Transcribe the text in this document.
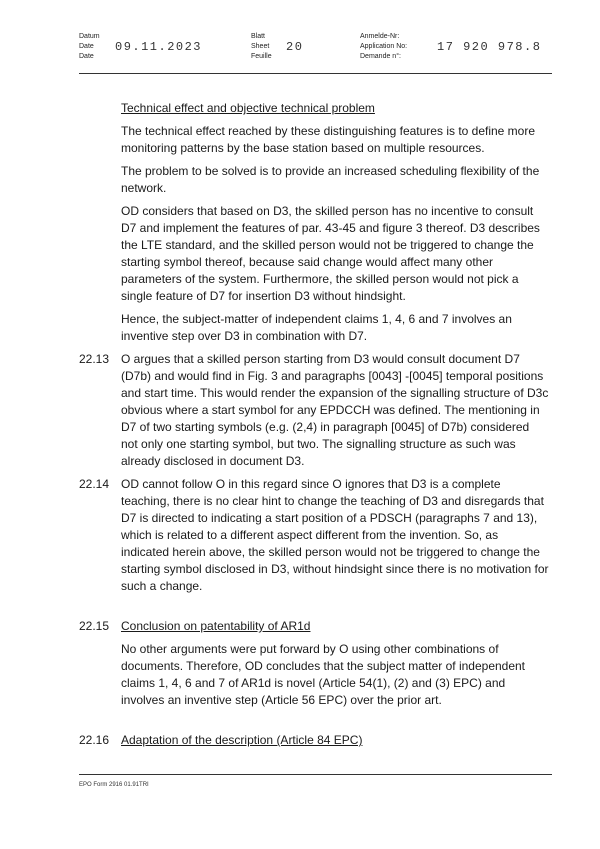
Datum
Date
Date
09.11.2023
Blatt
Sheet
Feuille
20
Anmelde-Nr:
Application No:
Demande n°:
17 920 978.8

Technical effect and objective technical problem

The technical effect reached by these distinguishing features is to define more monitoring patterns by the base station based on multiple resources.

The problem to be solved is to provide an increased scheduling flexibility of the network.

OD considers that based on D3, the skilled person has no incentive to consult D7 and implement the features of par. 43-45 and figure 3 thereof. D3 describes the LTE standard, and the skilled person would not be triggered to change the starting symbol thereof, because said change would affect many other parameters of the system. Furthermore, the skilled person would not pick a single feature of D7 for insertion D3 without hindsight.

Hence, the subject-matter of independent claims 1, 4, 6 and 7 involves an inventive step over D3 in combination with D7.

22.13 O argues that a skilled person starting from D3 would consult document D7 (D7b) and would find in Fig. 3 and paragraphs [0043] -[0045] temporal positions and start time. This would render the expansion of the signalling structure of D3c obvious where a start symbol for any EPDCCH was defined. The mentioning in D7 of two starting symbols (e.g. (2,4) in paragraph [0045] of D7b) considered not only one starting symbol, but two. The signalling structure as such was already disclosed in document D3.

22.14 OD cannot follow O in this regard since O ignores that D3 is a complete teaching, there is no clear hint to change the teaching of D3 and disregards that D7 is directed to indicating a start position of a PDSCH (paragraphs 7 and 13), which is related to a different aspect different from the invention. So, as indicated herein above, the skilled person would not be triggered to change the starting symbol disclosed in D3, without hindsight since there is no motivation for such a change.

22.15 Conclusion on patentability of AR1d

No other arguments were put forward by O using other combinations of documents. Therefore, OD concludes that the subject matter of independent claims 1, 4, 6 and 7 of AR1d is novel (Article 54(1), (2) and (3) EPC) and involves an inventive step (Article 56 EPC) over the prior art.

22.16 Adaptation of the description (Article 84 EPC)

EPO Form 2916 01.91TRI
